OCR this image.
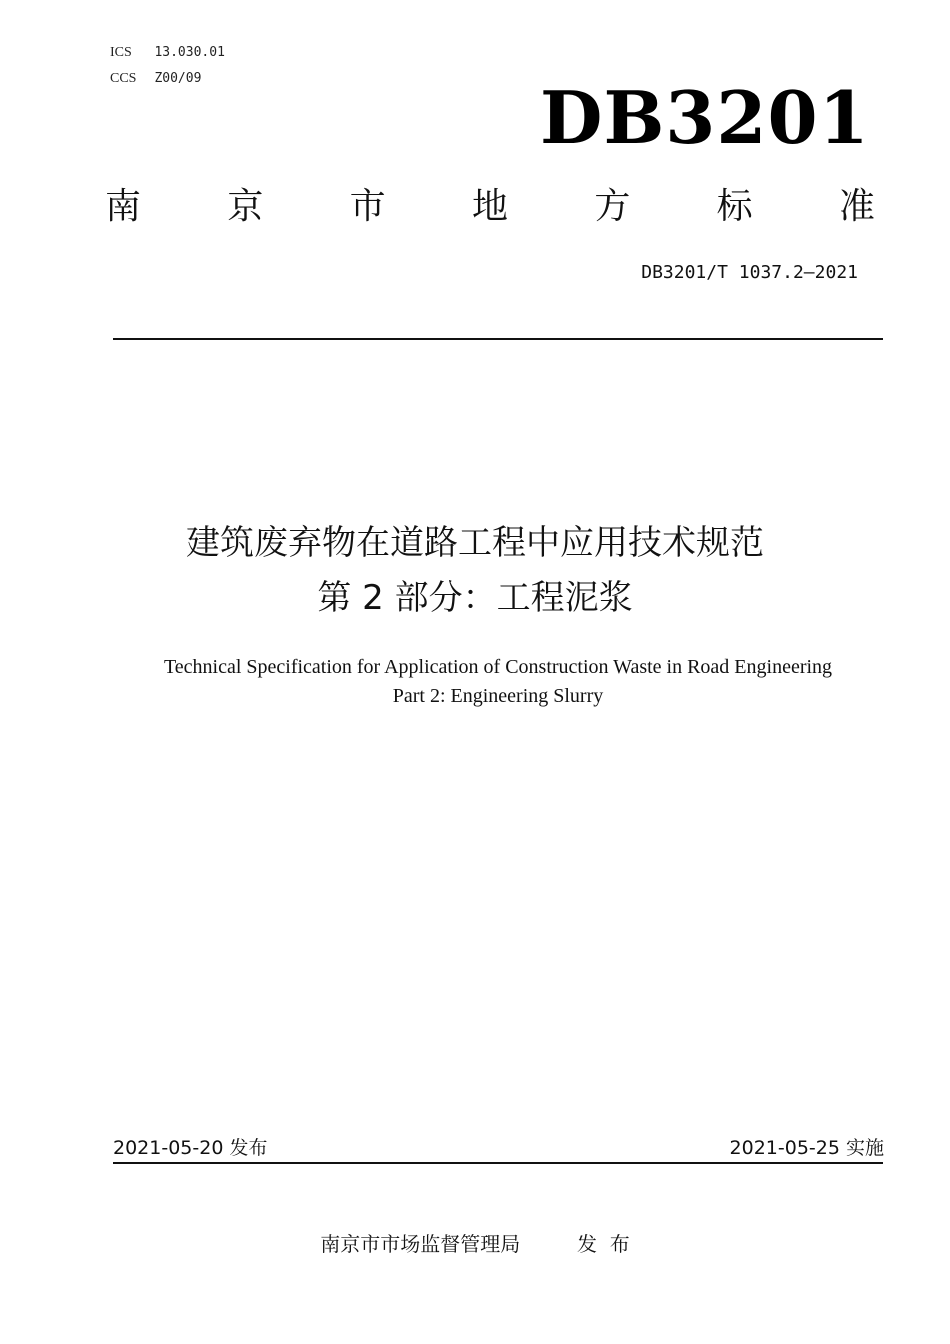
ICS 13.030.01
CCS Z00/09	DB3201
南 京 市 地 方 标 准
DB3201/T 1037.2—2021
建筑废弃物在道路工程中应用技术规范
第 2 部分：工程泥浆
Technical Specification for Application of Construction Waste in Road Engineering
Part 2: Engineering Slurry
2021-05-20 发布	2021-05-25 实施
南京市市场监督管理局	发  布
